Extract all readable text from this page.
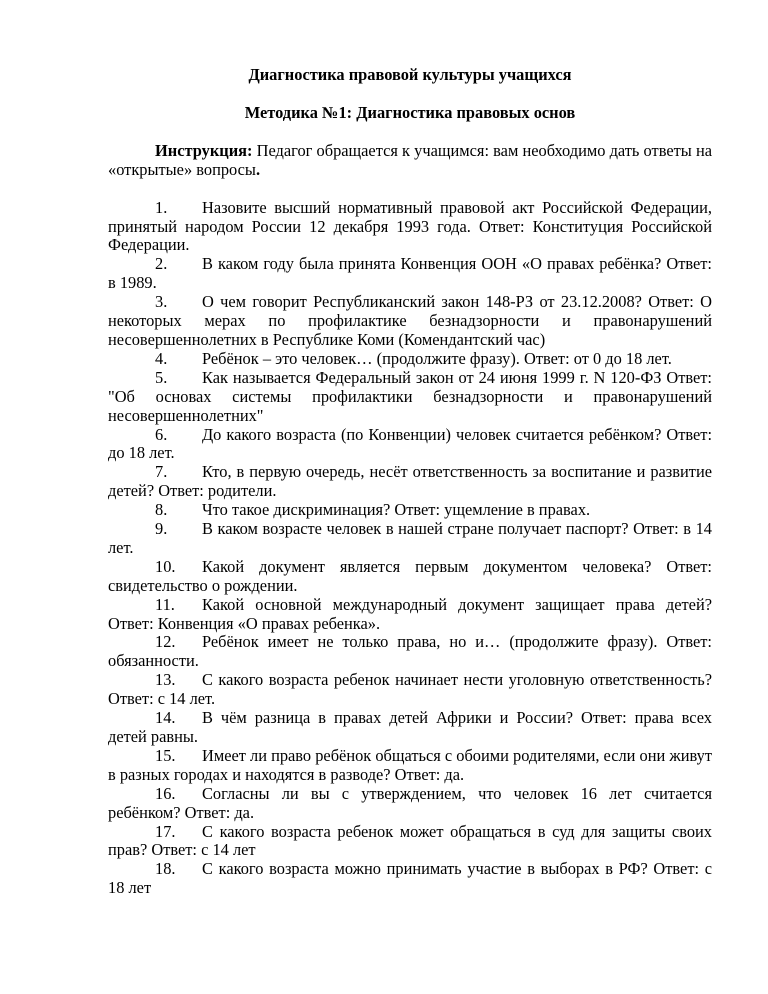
Диагностика правовой культуры учащихся

Методика №1: Диагностика правовых основ

Инструкция: Педагог обращается к учащимся: вам необходимо дать ответы на «открытые» вопросы.

1. Назовите высший нормативный правовой акт Российской Федерации, принятый народом России 12 декабря 1993 года. Ответ: Конституция Российской Федерации.

2. В каком году была принята Конвенция ООН «О правах ребёнка? Ответ: в 1989.

3. О чем говорит Республиканский закон 148-РЗ от 23.12.2008? Ответ: О некоторых мерах по профилактике безнадзорности и правонарушений несовершеннолетних в Республике Коми (Комендантский час)

4. Ребёнок – это человек… (продолжите фразу). Ответ: от 0 до 18 лет.

5. Как называется Федеральный закон от 24 июня 1999 г. N 120-ФЗ Ответ: "Об основах системы профилактики безнадзорности и правонарушений несовершеннолетних"

6. До какого возраста (по Конвенции) человек считается ребёнком? Ответ: до 18 лет.

7. Кто, в первую очередь, несёт ответственность за воспитание и развитие детей? Ответ: родители.

8. Что такое дискриминация? Ответ: ущемление в правах.

9. В каком возрасте человек в нашей стране получает паспорт? Ответ: в 14 лет.

10. Какой документ является первым документом человека? Ответ: свидетельство о рождении.

11. Какой основной международный документ защищает права детей? Ответ: Конвенция «О правах ребенка».

12. Ребёнок имеет не только права, но и… (продолжите фразу). Ответ: обязанности.

13. С какого возраста ребенок начинает нести уголовную ответственность? Ответ: с 14 лет.

14. В чём разница в правах детей Африки и России? Ответ: права всех детей равны.

15. Имеет ли право ребёнок общаться с обоими родителями, если они живут в разных городах и находятся в разводе? Ответ: да.

16. Согласны ли вы с утверждением, что человек 16 лет считается ребёнком? Ответ: да.

17. С какого возраста ребенок может обращаться в суд для защиты своих прав? Ответ: с 14 лет

18. С какого возраста можно принимать участие в выборах в РФ? Ответ: с 18 лет
